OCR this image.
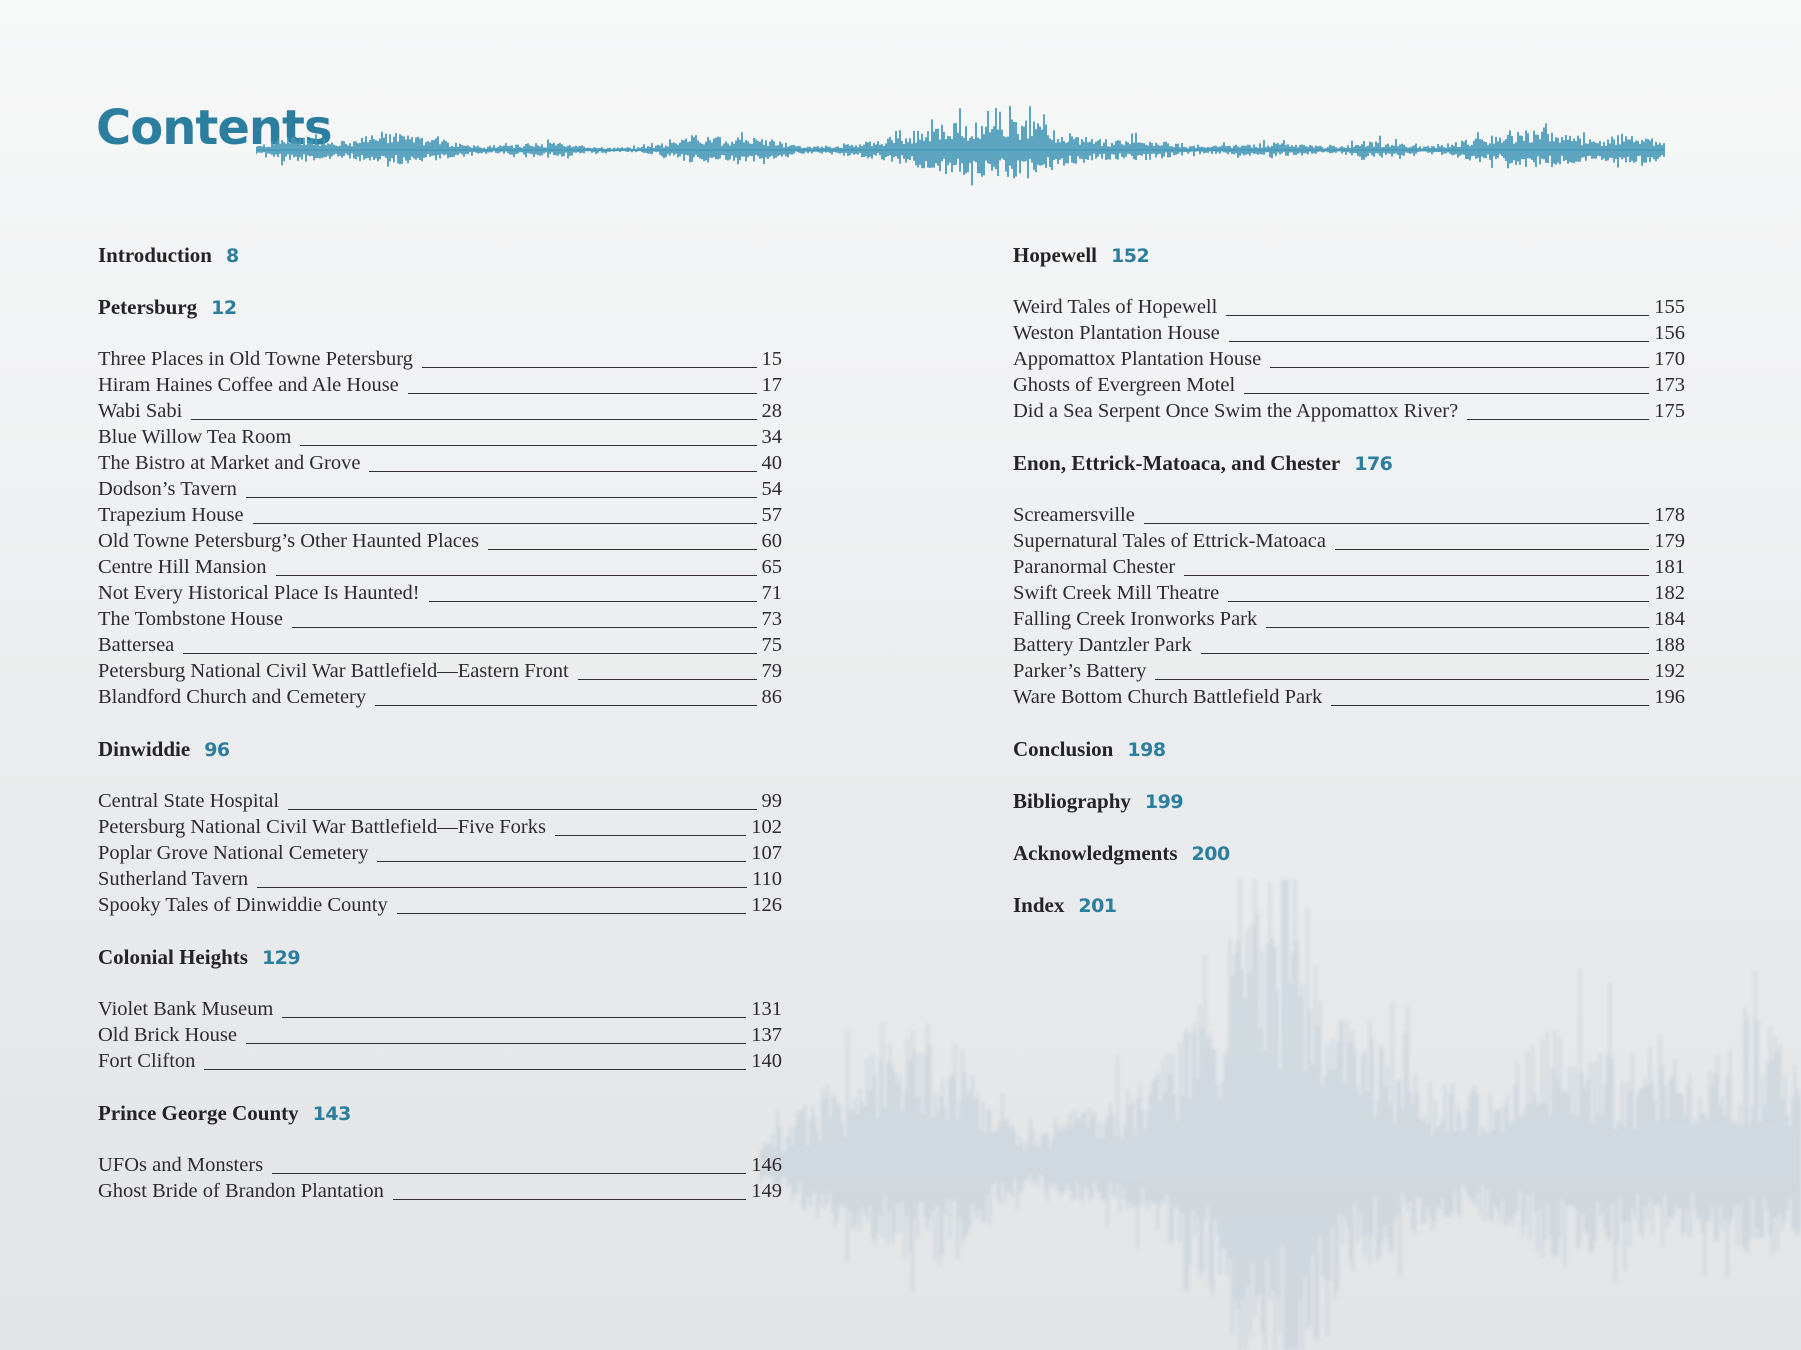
Contents
Introduction 8
Petersburg 12
Three Places in Old Towne Petersburg	15
Hiram Haines Coffee and Ale House	17
Wabi Sabi	28
Blue Willow Tea Room	34
The Bistro at Market and Grove	40
Dodson’s Tavern	54
Trapezium House	57
Old Towne Petersburg’s Other Haunted Places	60
Centre Hill Mansion	65
Not Every Historical Place Is Haunted!	71
The Tombstone House	73
Battersea	75
Petersburg National Civil War Battlefield—Eastern Front	79
Blandford Church and Cemetery	86
Dinwiddie 96
Central State Hospital	99
Petersburg National Civil War Battlefield—Five Forks	102
Poplar Grove National Cemetery	107
Sutherland Tavern	110
Spooky Tales of Dinwiddie County	126
Colonial Heights 129
Violet Bank Museum	131
Old Brick House	137
Fort Clifton	140
Prince George County 143
UFOs and Monsters	146
Ghost Bride of Brandon Plantation	149
Hopewell 152
Weird Tales of Hopewell	155
Weston Plantation House	156
Appomattox Plantation House	170
Ghosts of Evergreen Motel	173
Did a Sea Serpent Once Swim the Appomattox River?	175
Enon, Ettrick-Matoaca, and Chester 176
Screamersville	178
Supernatural Tales of Ettrick-Matoaca	179
Paranormal Chester	181
Swift Creek Mill Theatre	182
Falling Creek Ironworks Park	184
Battery Dantzler Park	188
Parker’s Battery	192
Ware Bottom Church Battlefield Park	196
Conclusion 198
Bibliography 199
Acknowledgments 200
Index 201
